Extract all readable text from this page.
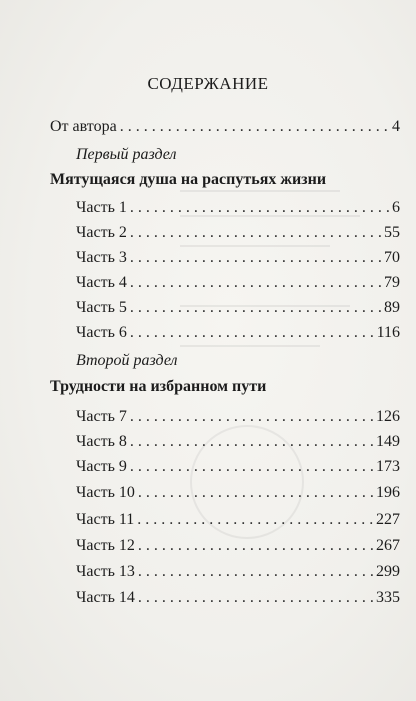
СОДЕРЖАНИЕ
От автора . . .	4
Первый раздел
Мятущаяся душа на распутьях жизни
Часть 1 . . .	6
Часть 2 . . .	55
Часть 3 . . .	70
Часть 4 . . .	79
Часть 5 . . .	89
Часть 6 . . .	116
Второй раздел
Трудности на избранном пути
Часть 7 . . .	126
Часть 8 . . .	149
Часть 9 . . .	173
Часть 10 . . .	196
Часть 11 . . .	227
Часть 12 . . .	267
Часть 13 . . .	299
Часть 14 . . .	335
